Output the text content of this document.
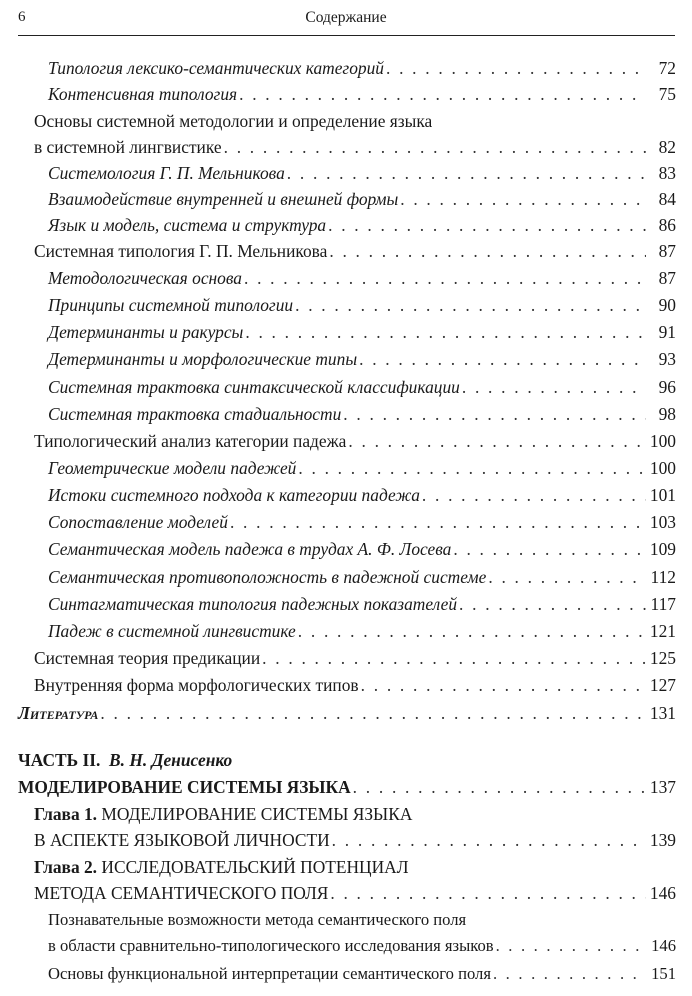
6	Содержание
Типология лексико-семантических категорий . . .	72
Контенсивная типология . . .	75
Основы системной методологии и определение языка
в системной лингвистике . . .	82
Системология Г. П. Мельникова . . .	83
Взаимодействие внутренней и внешней формы . . .	84
Язык и модель, система и структура . . .	86
Системная типология Г. П. Мельникова . . .	87
Методологическая основа . . .	87
Принципы системной типологии . . .	90
Детерминанты и ракурсы . . .	91
Детерминанты и морфологические типы . . .	93
Системная трактовка синтаксической классификации . . .	96
Системная трактовка стадиальности . . .	98
Типологический анализ категории падежа . . .	100
Геометрические модели падежей . . .	100
Истоки системного подхода к категории падежа . . .	101
Сопоставление моделей . . .	103
Семантическая модель падежа в трудах А. Ф. Лосева . . .	109
Семантическая противоположность в падежной системе . . .	112
Синтагматическая типология падежных показателей . . .	117
Падеж в системной лингвистике . . .	121
Системная теория предикации . . .	125
Внутренняя форма морфологических типов . . .	127
Литература . . .	131
ЧАСТЬ II. В. Н. Денисенко
МОДЕЛИРОВАНИЕ СИСТЕМЫ ЯЗЫКА . . .	137
Глава 1. МОДЕЛИРОВАНИЕ СИСТЕМЫ ЯЗЫКА
В АСПЕКТЕ ЯЗЫКОВОЙ ЛИЧНОСТИ . . .	139
Глава 2. ИССЛЕДОВАТЕЛЬСКИЙ ПОТЕНЦИАЛ
МЕТОДА СЕМАНТИЧЕСКОГО ПОЛЯ . . .	146
Познавательные возможности метода семантического поля
в области сравнительно-типологического исследования языков . . .	146
Основы функциональной интерпретации семантического поля . . .	151
